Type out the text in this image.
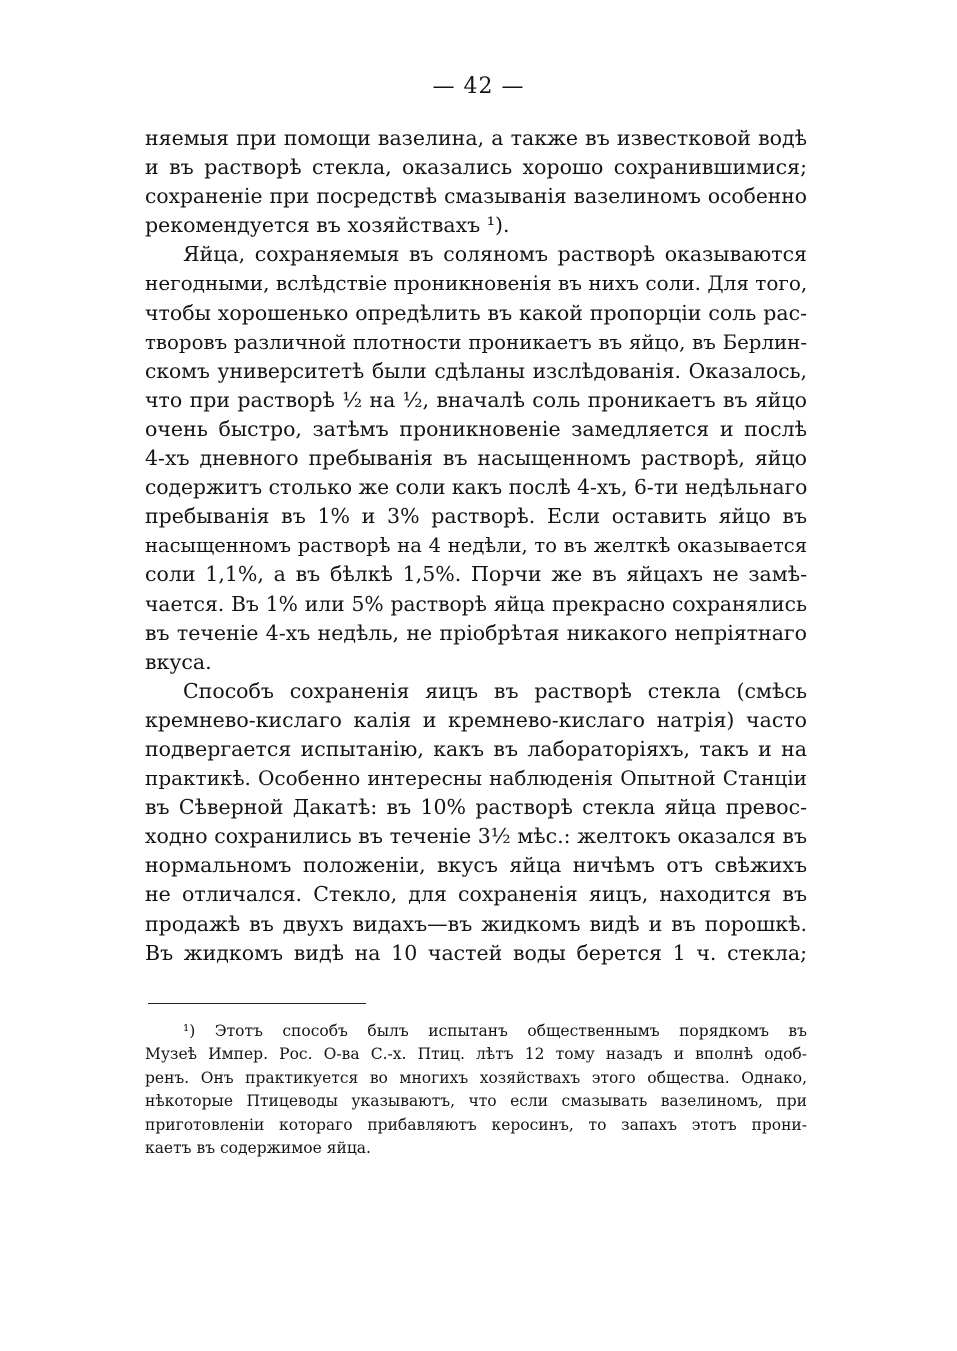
— 42 —
няемыя при помощи вазелина, а также въ известковой водѣ
и въ растворѣ стекла, оказались хорошо сохранившимися;
сохраненіе при посредствѣ смазыванія вазелиномъ особенно
рекомендуется въ хозяйствахъ ¹).
Яйца, сохраняемыя въ соляномъ растворѣ оказываются
негодными, вслѣдствіе проникновенія въ нихъ соли. Для того,
чтобы хорошенько опредѣлить въ какой пропорціи соль рас-
творовъ различной плотности проникаетъ въ яйцо, въ Берлин-
скомъ университетѣ были сдѣланы изслѣдованія. Оказалось,
что при растворѣ ½ на ½, вначалѣ соль проникаетъ въ яйцо
очень быстро, затѣмъ проникновеніе замедляется и послѣ
4-хъ дневного пребыванія въ насыщенномъ растворѣ, яйцо
содержитъ столько же соли какъ послѣ 4-хъ, 6-ти недѣльнаго
пребыванія въ 1% и 3% растворѣ. Если оставить яйцо въ
насыщенномъ растворѣ на 4 недѣли, то въ желткѣ оказывается
соли 1,1%, а въ бѣлкѣ 1,5%. Порчи же въ яйцахъ не замѣ-
чается. Въ 1% или 5% растворѣ яйца прекрасно сохранялись
въ теченіе 4-хъ недѣль, не пріобрѣтая никакого непріятнаго
вкуса.
Способъ сохраненія яицъ въ растворѣ стекла (смѣсь
кремнево-кислаго калія и кремнево-кислаго натрія) часто
подвергается испытанію, какъ въ лабораторіяхъ, такъ и на
практикѣ. Особенно интересны наблюденія Опытной Станціи
въ Сѣверной Дакатѣ: въ 10% растворѣ стекла яйца превос-
ходно сохранились въ теченіе 3½ мѣс.: желтокъ оказался въ
нормальномъ положеніи, вкусъ яйца ничѣмъ отъ свѣжихъ
не отличался. Стекло, для сохраненія яицъ, находится въ
продажѣ въ двухъ видахъ—въ жидкомъ видѣ и въ порошкѣ.
Въ жидкомъ видѣ на 10 частей воды берется 1 ч. стекла;
¹) Этотъ способъ былъ испытанъ общественнымъ порядкомъ въ
Музеѣ Импер. Рос. О-ва С.-х. Птиц. лѣтъ 12 тому назадъ и вполнѣ одоб-
ренъ. Онъ практикуется во многихъ хозяйствахъ этого общества. Однако,
нѣкоторые Птицеводы указываютъ, что если смазывать вазелиномъ, при
приготовленіи котораго прибавляютъ керосинъ, то запахъ этотъ прони-
каетъ въ содержимое яйца.
